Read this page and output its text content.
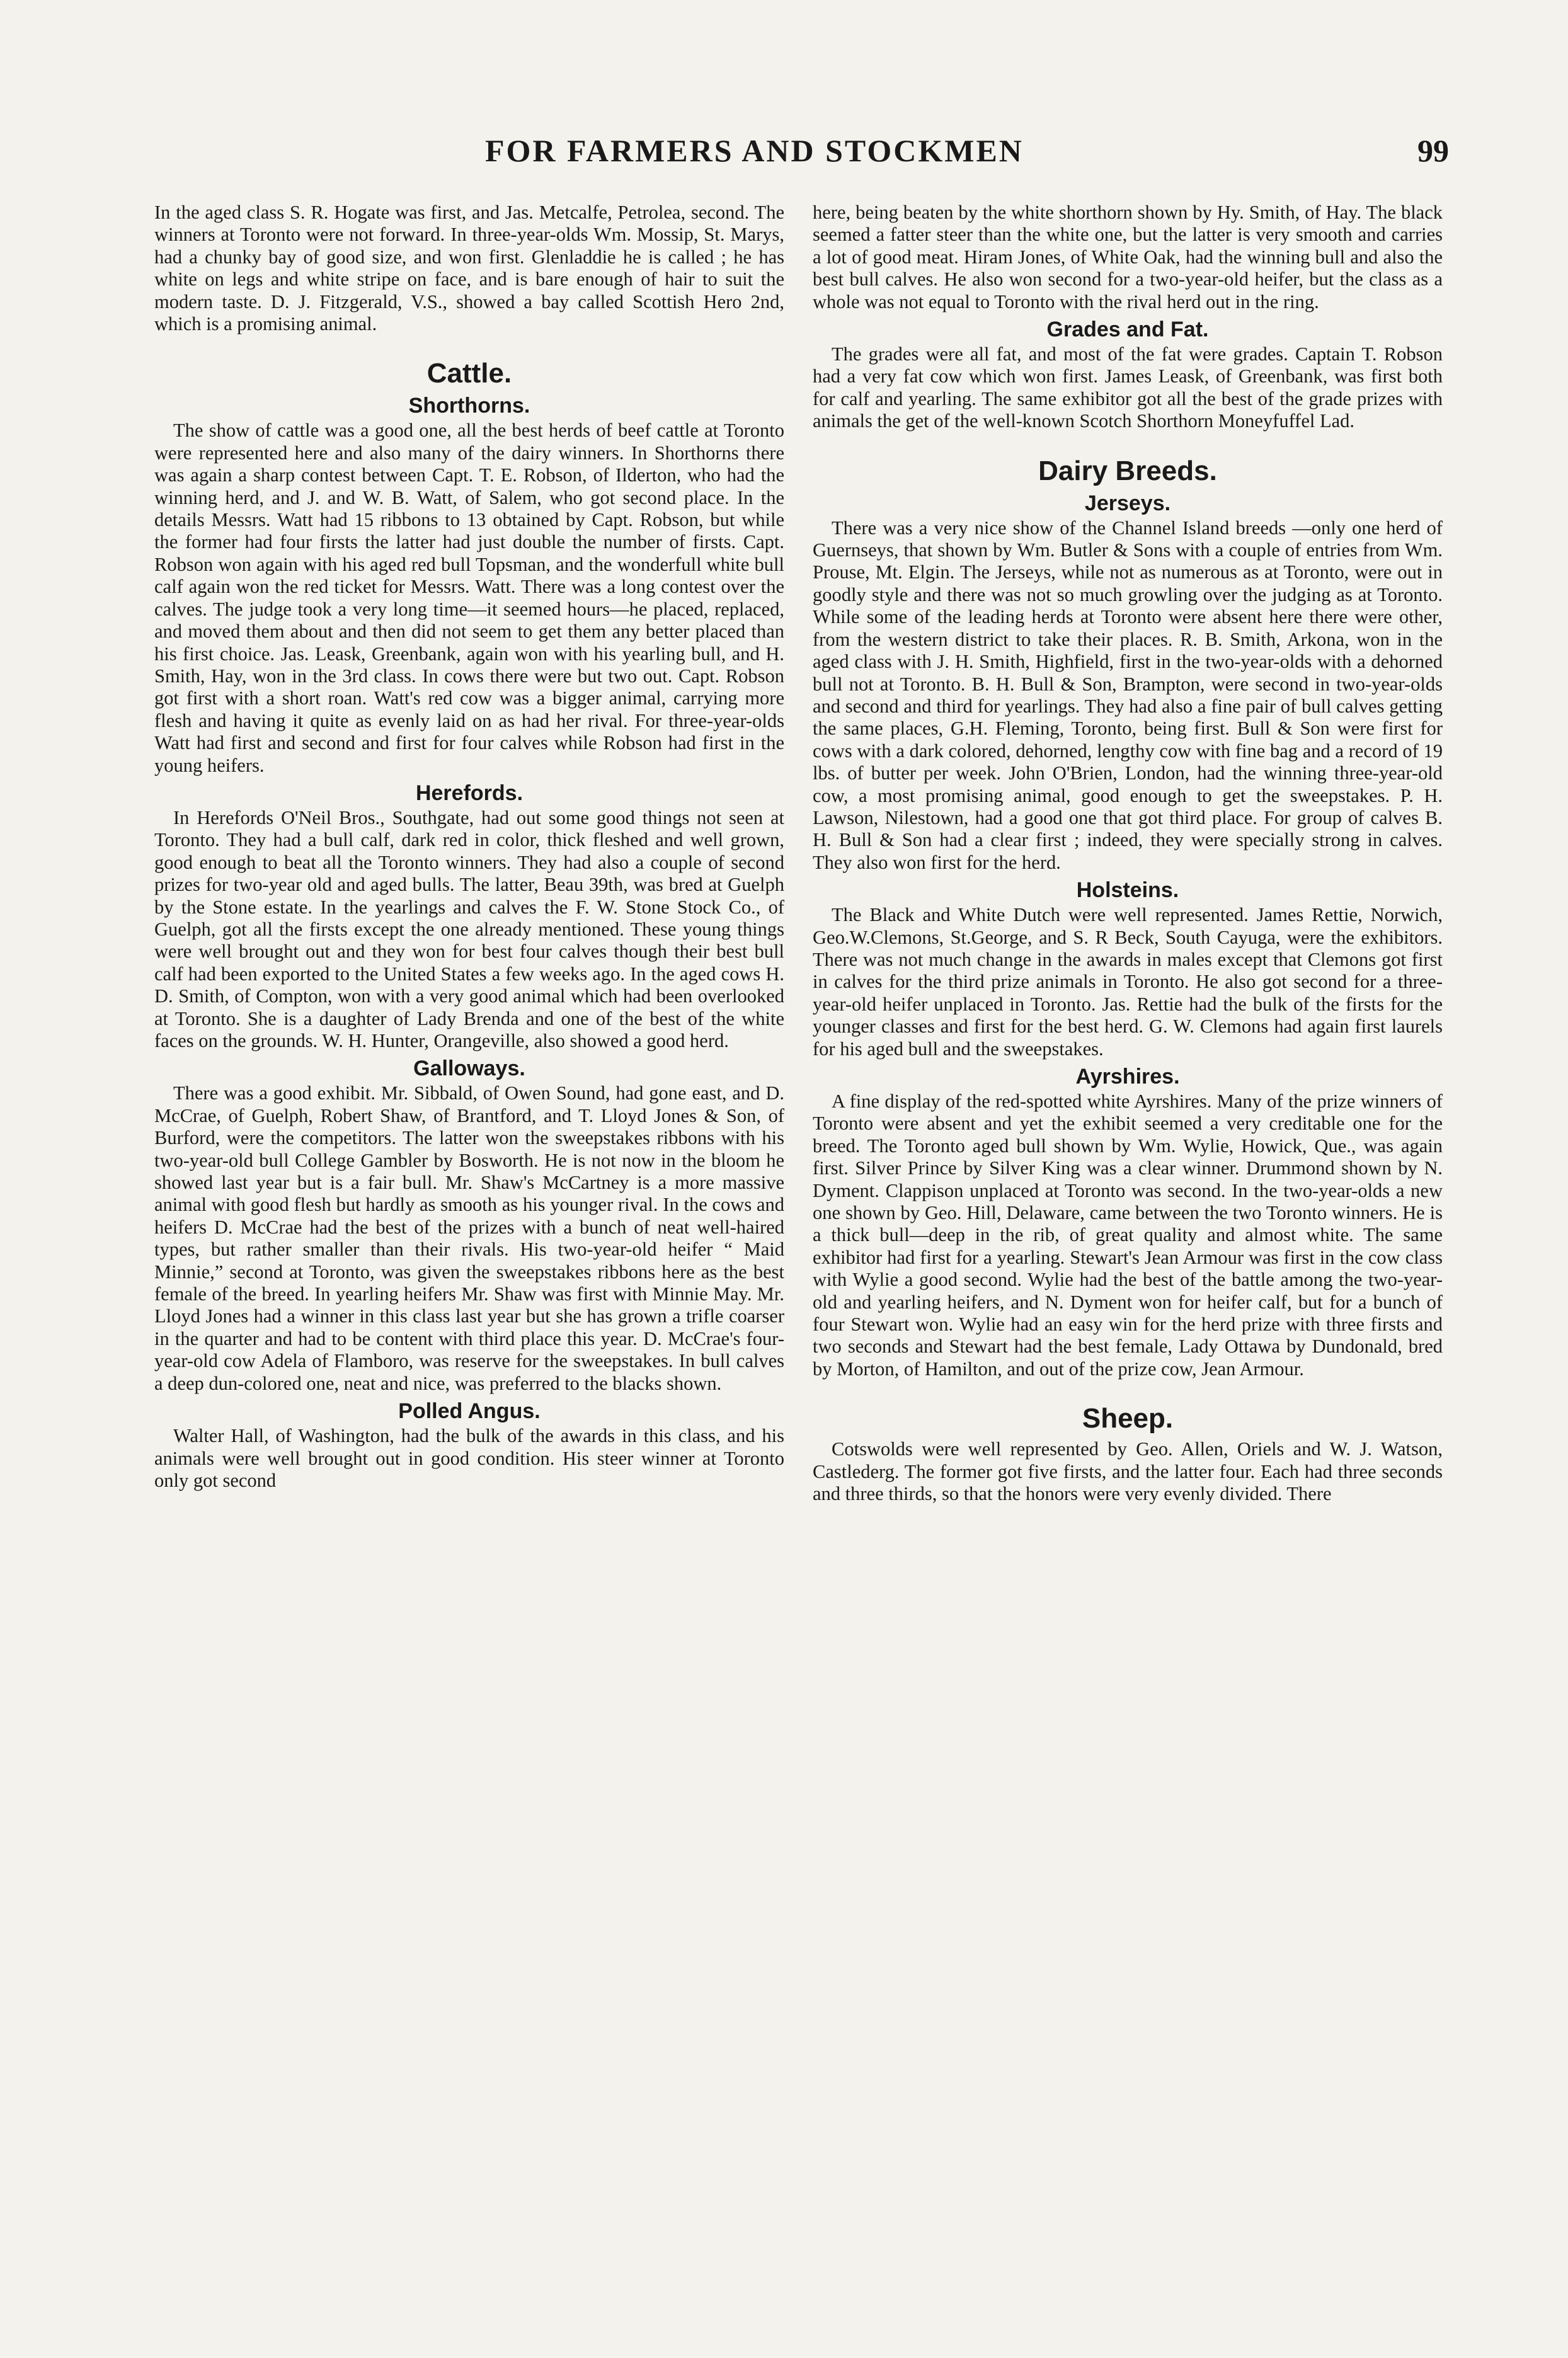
FOR FARMERS AND STOCKMEN	99

In the aged class S. R. Hogate was first, and Jas. Metcalfe, Petrolea, second. The winners at Toronto were not forward. In three-year-olds Wm. Mossip, St. Marys, had a chunky bay of good size, and won first. Glenladdie he is called ; he has white on legs and white stripe on face, and is bare enough of hair to suit the modern taste. D. J. Fitzgerald, V.S., showed a bay called Scottish Hero 2nd, which is a promising animal.

Cattle.
Shorthorns.

The show of cattle was a good one, all the best herds of beef cattle at Toronto were represented here and also many of the dairy winners. In Shorthorns there was again a sharp contest between Capt. T. E. Robson, of Ilderton, who had the winning herd, and J. and W. B. Watt, of Salem, who got second place. In the details Messrs. Watt had 15 ribbons to 13 obtained by Capt. Robson, but while the former had four firsts the latter had just double the number of firsts. Capt. Robson won again with his aged red bull Topsman, and the wonderfull white bull calf again won the red ticket for Messrs. Watt. There was a long contest over the calves. The judge took a very long time—it seemed hours—he placed, replaced, and moved them about and then did not seem to get them any better placed than his first choice. Jas. Leask, Greenbank, again won with his yearling bull, and H. Smith, Hay, won in the 3rd class. In cows there were but two out. Capt. Robson got first with a short roan. Watt's red cow was a bigger animal, carrying more flesh and having it quite as evenly laid on as had her rival. For three-year-olds Watt had first and second and first for four calves while Robson had first in the young heifers.

Herefords.

In Herefords O'Neil Bros., Southgate, had out some good things not seen at Toronto. They had a bull calf, dark red in color, thick fleshed and well grown, good enough to beat all the Toronto winners. They had also a couple of second prizes for two-year old and aged bulls. The latter, Beau 39th, was bred at Guelph by the Stone estate. In the yearlings and calves the F. W. Stone Stock Co., of Guelph, got all the firsts except the one already mentioned. These young things were well brought out and they won for best four calves though their best bull calf had been exported to the United States a few weeks ago. In the aged cows H. D. Smith, of Compton, won with a very good animal which had been overlooked at Toronto. She is a daughter of Lady Brenda and one of the best of the white faces on the grounds. W. H. Hunter, Orangeville, also showed a good herd.

Galloways.

There was a good exhibit. Mr. Sibbald, of Owen Sound, had gone east, and D. McCrae, of Guelph, Robert Shaw, of Brantford, and T. Lloyd Jones & Son, of Burford, were the competitors. The latter won the sweepstakes ribbons with his two-year-old bull College Gambler by Bosworth. He is not now in the bloom he showed last year but is a fair bull. Mr. Shaw's McCartney is a more massive animal with good flesh but hardly as smooth as his younger rival. In the cows and heifers D. McCrae had the best of the prizes with a bunch of neat well-haired types, but rather smaller than their rivals. His two-year-old heifer “ Maid Minnie,” second at Toronto, was given the sweepstakes ribbons here as the best female of the breed. In yearling heifers Mr. Shaw was first with Minnie May. Mr. Lloyd Jones had a winner in this class last year but she has grown a trifle coarser in the quarter and had to be content with third place this year. D. McCrae's four-year-old cow Adela of Flamboro, was reserve for the sweepstakes. In bull calves a deep dun-colored one, neat and nice, was preferred to the blacks shown.

Polled Angus.

Walter Hall, of Washington, had the bulk of the awards in this class, and his animals were well brought out in good condition. His steer winner at Toronto only got second

here, being beaten by the white shorthorn shown by Hy. Smith, of Hay. The black seemed a fatter steer than the white one, but the latter is very smooth and carries a lot of good meat. Hiram Jones, of White Oak, had the winning bull and also the best bull calves. He also won second for a two-year-old heifer, but the class as a whole was not equal to Toronto with the rival herd out in the ring.

Grades and Fat.

The grades were all fat, and most of the fat were grades. Captain T. Robson had a very fat cow which won first. James Leask, of Greenbank, was first both for calf and yearling. The same exhibitor got all the best of the grade prizes with animals the get of the well-known Scotch Shorthorn Moneyfuffel Lad.

Dairy Breeds.
Jerseys.

There was a very nice show of the Channel Island breeds —only one herd of Guernseys, that shown by Wm. Butler & Sons with a couple of entries from Wm. Prouse, Mt. Elgin. The Jerseys, while not as numerous as at Toronto, were out in goodly style and there was not so much growling over the judging as at Toronto. While some of the leading herds at Toronto were absent here there were other, from the western district to take their places. R. B. Smith, Arkona, won in the aged class with J. H. Smith, Highfield, first in the two-year-olds with a dehorned bull not at Toronto. B. H. Bull & Son, Brampton, were second in two-year-olds and second and third for yearlings. They had also a fine pair of bull calves getting the same places, G.H. Fleming, Toronto, being first. Bull & Son were first for cows with a dark colored, dehorned, lengthy cow with fine bag and a record of 19 lbs. of butter per week. John O'Brien, London, had the winning three-year-old cow, a most promising animal, good enough to get the sweepstakes. P. H. Lawson, Nilestown, had a good one that got third place. For group of calves B. H. Bull & Son had a clear first ; indeed, they were specially strong in calves. They also won first for the herd.

Holsteins.

The Black and White Dutch were well represented. James Rettie, Norwich, Geo.W.Clemons, St.George, and S. R Beck, South Cayuga, were the exhibitors. There was not much change in the awards in males except that Clemons got first in calves for the third prize animals in Toronto. He also got second for a three-year-old heifer unplaced in Toronto. Jas. Rettie had the bulk of the firsts for the younger classes and first for the best herd. G. W. Clemons had again first laurels for his aged bull and the sweepstakes.

Ayrshires.

A fine display of the red-spotted white Ayrshires. Many of the prize winners of Toronto were absent and yet the exhibit seemed a very creditable one for the breed. The Toronto aged bull shown by Wm. Wylie, Howick, Que., was again first. Silver Prince by Silver King was a clear winner. Drummond shown by N. Dyment. Clappison unplaced at Toronto was second. In the two-year-olds a new one shown by Geo. Hill, Delaware, came between the two Toronto winners. He is a thick bull—deep in the rib, of great quality and almost white. The same exhibitor had first for a yearling. Stewart's Jean Armour was first in the cow class with Wylie a good second. Wylie had the best of the battle among the two-year-old and yearling heifers, and N. Dyment won for heifer calf, but for a bunch of four Stewart won. Wylie had an easy win for the herd prize with three firsts and two seconds and Stewart had the best female, Lady Ottawa by Dundonald, bred by Morton, of Hamilton, and out of the prize cow, Jean Armour.

Sheep.

Cotswolds were well represented by Geo. Allen, Oriels and W. J. Watson, Castlederg. The former got five firsts, and the latter four. Each had three seconds and three thirds, so that the honors were very evenly divided. There
